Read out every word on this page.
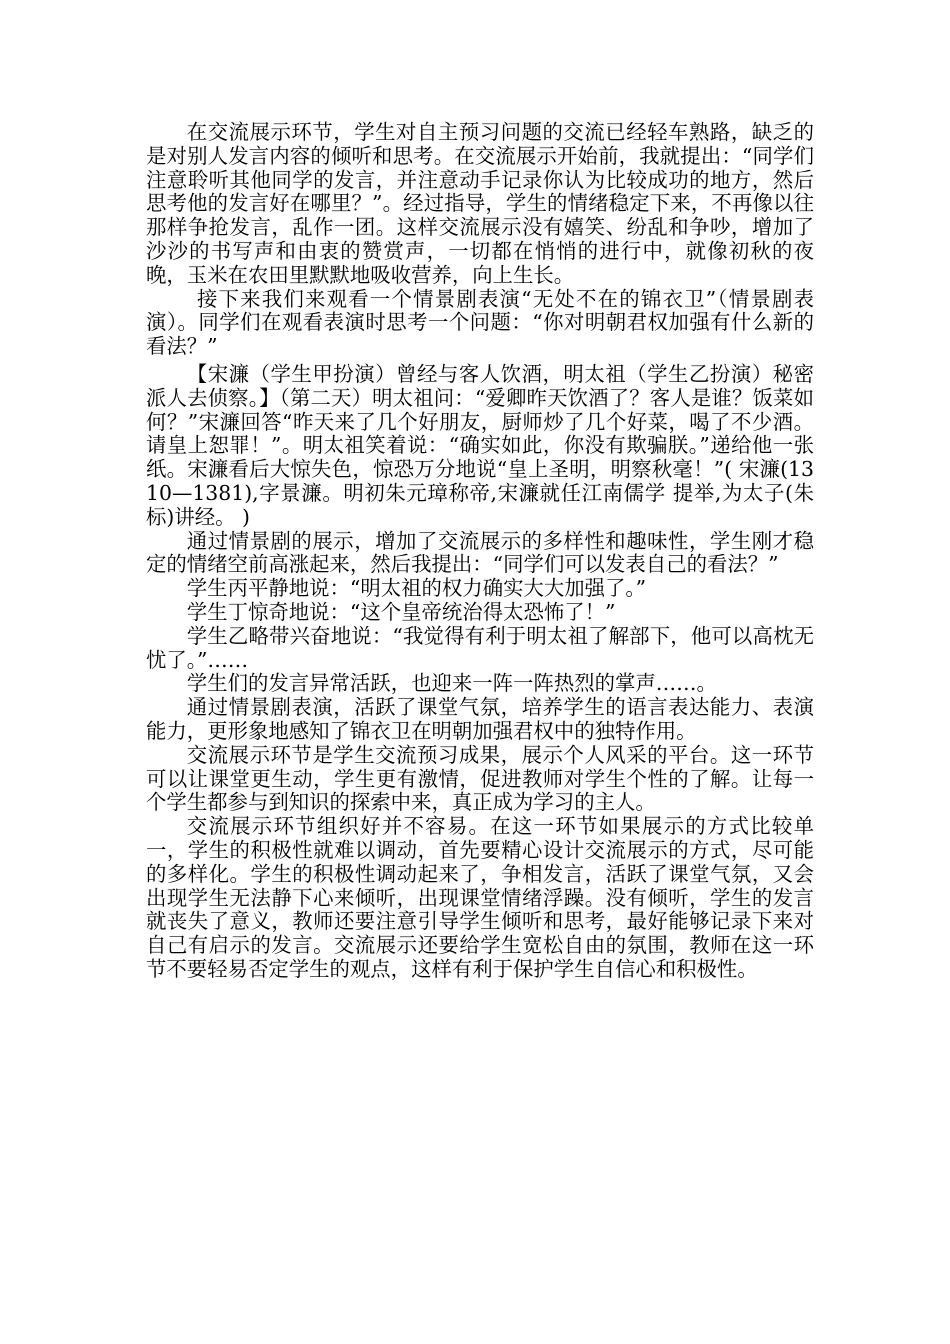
在交流展示环节，学生对自主预习问题的交流已经轻车熟路，缺乏的是对别人发言内容的倾听和思考。在交流展示开始前，我就提出：“同学们注意聆听其他同学的发言，并注意动手记录你认为比较成功的地方，然后思考他的发言好在哪里？”。经过指导，学生的情绪稳定下来，不再像以往那样争抢发言，乱作一团。这样交流展示没有嬉笑、纷乱和争吵，增加了沙沙的书写声和由衷的赞赏声，一切都在悄悄的进行中，就像初秋的夜晚，玉米在农田里默默地吸收营养，向上生长。

接下来我们来观看一个情景剧表演“无处不在的锦衣卫”（情景剧表演）。同学们在观看表演时思考一个问题：“你对明朝君权加强有什么新的看法？”

【宋濂（学生甲扮演）曾经与客人饮酒，明太祖（学生乙扮演）秘密派人去侦察。】（第二天）明太祖问：“爱卿昨天饮酒了？客人是谁？饭菜如何？”宋濂回答“昨天来了几个好朋友，厨师炒了几个好菜，喝了不少酒。请皇上恕罪！”。明太祖笑着说：“确实如此，你没有欺骗朕。”递给他一张纸。宋濂看后大惊失色，惊恐万分地说“皇上圣明，明察秋毫！”( 宋濂(1310—1381),字景濂。明初朱元璋称帝,宋濂就任江南儒学 提举,为太子(朱标)讲经。 )

通过情景剧的展示，增加了交流展示的多样性和趣味性，学生刚才稳定的情绪空前高涨起来，然后我提出：“同学们可以发表自己的看法？”

学生丙平静地说：“明太祖的权力确实大大加强了。”

学生丁惊奇地说：“这个皇帝统治得太恐怖了！”

学生乙略带兴奋地说：“我觉得有利于明太祖了解部下，他可以高枕无忧了。”……

学生们的发言异常活跃，也迎来一阵一阵热烈的掌声……。

通过情景剧表演，活跃了课堂气氛，培养学生的语言表达能力、表演能力，更形象地感知了锦衣卫在明朝加强君权中的独特作用。

交流展示环节是学生交流预习成果，展示个人风采的平台。这一环节可以让课堂更生动，学生更有激情，促进教师对学生个性的了解。让每一个学生都参与到知识的探索中来，真正成为学习的主人。

交流展示环节组织好并不容易。在这一环节如果展示的方式比较单一，学生的积极性就难以调动，首先要精心设计交流展示的方式，尽可能的多样化。学生的积极性调动起来了，争相发言，活跃了课堂气氛，又会出现学生无法静下心来倾听，出现课堂情绪浮躁。没有倾听，学生的发言就丧失了意义，教师还要注意引导学生倾听和思考，最好能够记录下来对自己有启示的发言。交流展示还要给学生宽松自由的氛围，教师在这一环节不要轻易否定学生的观点，这样有利于保护学生自信心和积极性。
